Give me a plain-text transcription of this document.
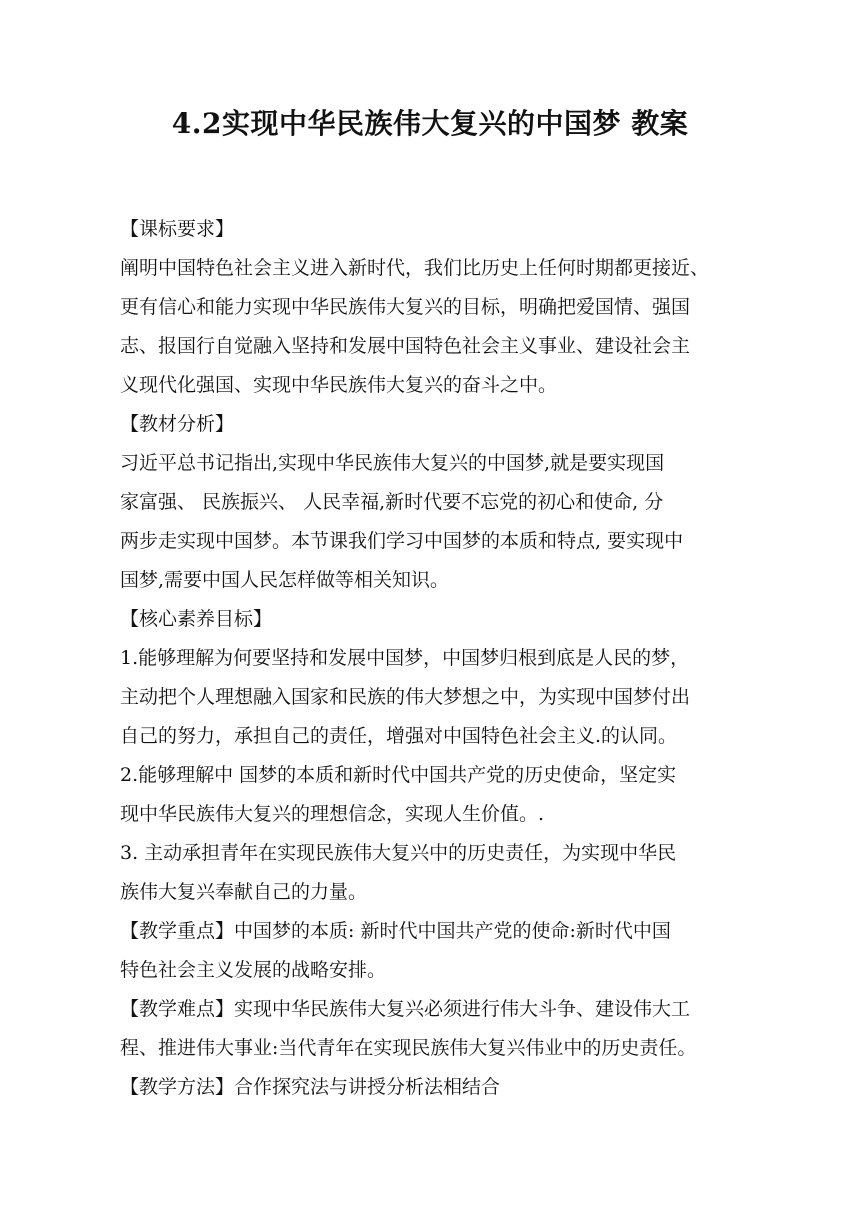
4.2实现中华民族伟大复兴的中国梦 教案
【课标要求】
阐明中国特色社会主义进入新时代，我们比历史上任何时期都更接近、
更有信心和能力实现中华民族伟大复兴的目标，明确把爱国情、强国
志、报国行自觉融入坚持和发展中国特色社会主义事业、建设社会主
义现代化强国、实现中华民族伟大复兴的奋斗之中。
【教材分析】
习近平总书记指出,实现中华民族伟大复兴的中国梦,就是要实现国
家富强、 民族振兴、 人民幸福,新时代要不忘党的初心和使命, 分
两步走实现中国梦。本节课我们学习中国梦的本质和特点, 要实现中
国梦,需要中国人民怎样做等相关知识。
【核心素养目标】
1.能够理解为何要坚持和发展中国梦，中国梦归根到底是人民的梦，
主动把个人理想融入国家和民族的伟大梦想之中，为实现中国梦付出
自己的努力，承担自己的责任，增强对中国特色社会主义.的认同。
2.能够理解中 国梦的本质和新时代中国共产党的历史使命，坚定实
现中华民族伟大复兴的理想信念，实现人生价值。.
3. 主动承担青年在实现民族伟大复兴中的历史责任，为实现中华民
族伟大复兴奉献自己的力量。
【教学重点】中国梦的本质: 新时代中国共产党的使命:新时代中国
特色社会主义发展的战略安排。
【教学难点】实现中华民族伟大复兴必须进行伟大斗争、建设伟大工
程、推进伟大事业:当代青年在实现民族伟大复兴伟业中的历史责任。
【教学方法】合作探究法与讲授分析法相结合
